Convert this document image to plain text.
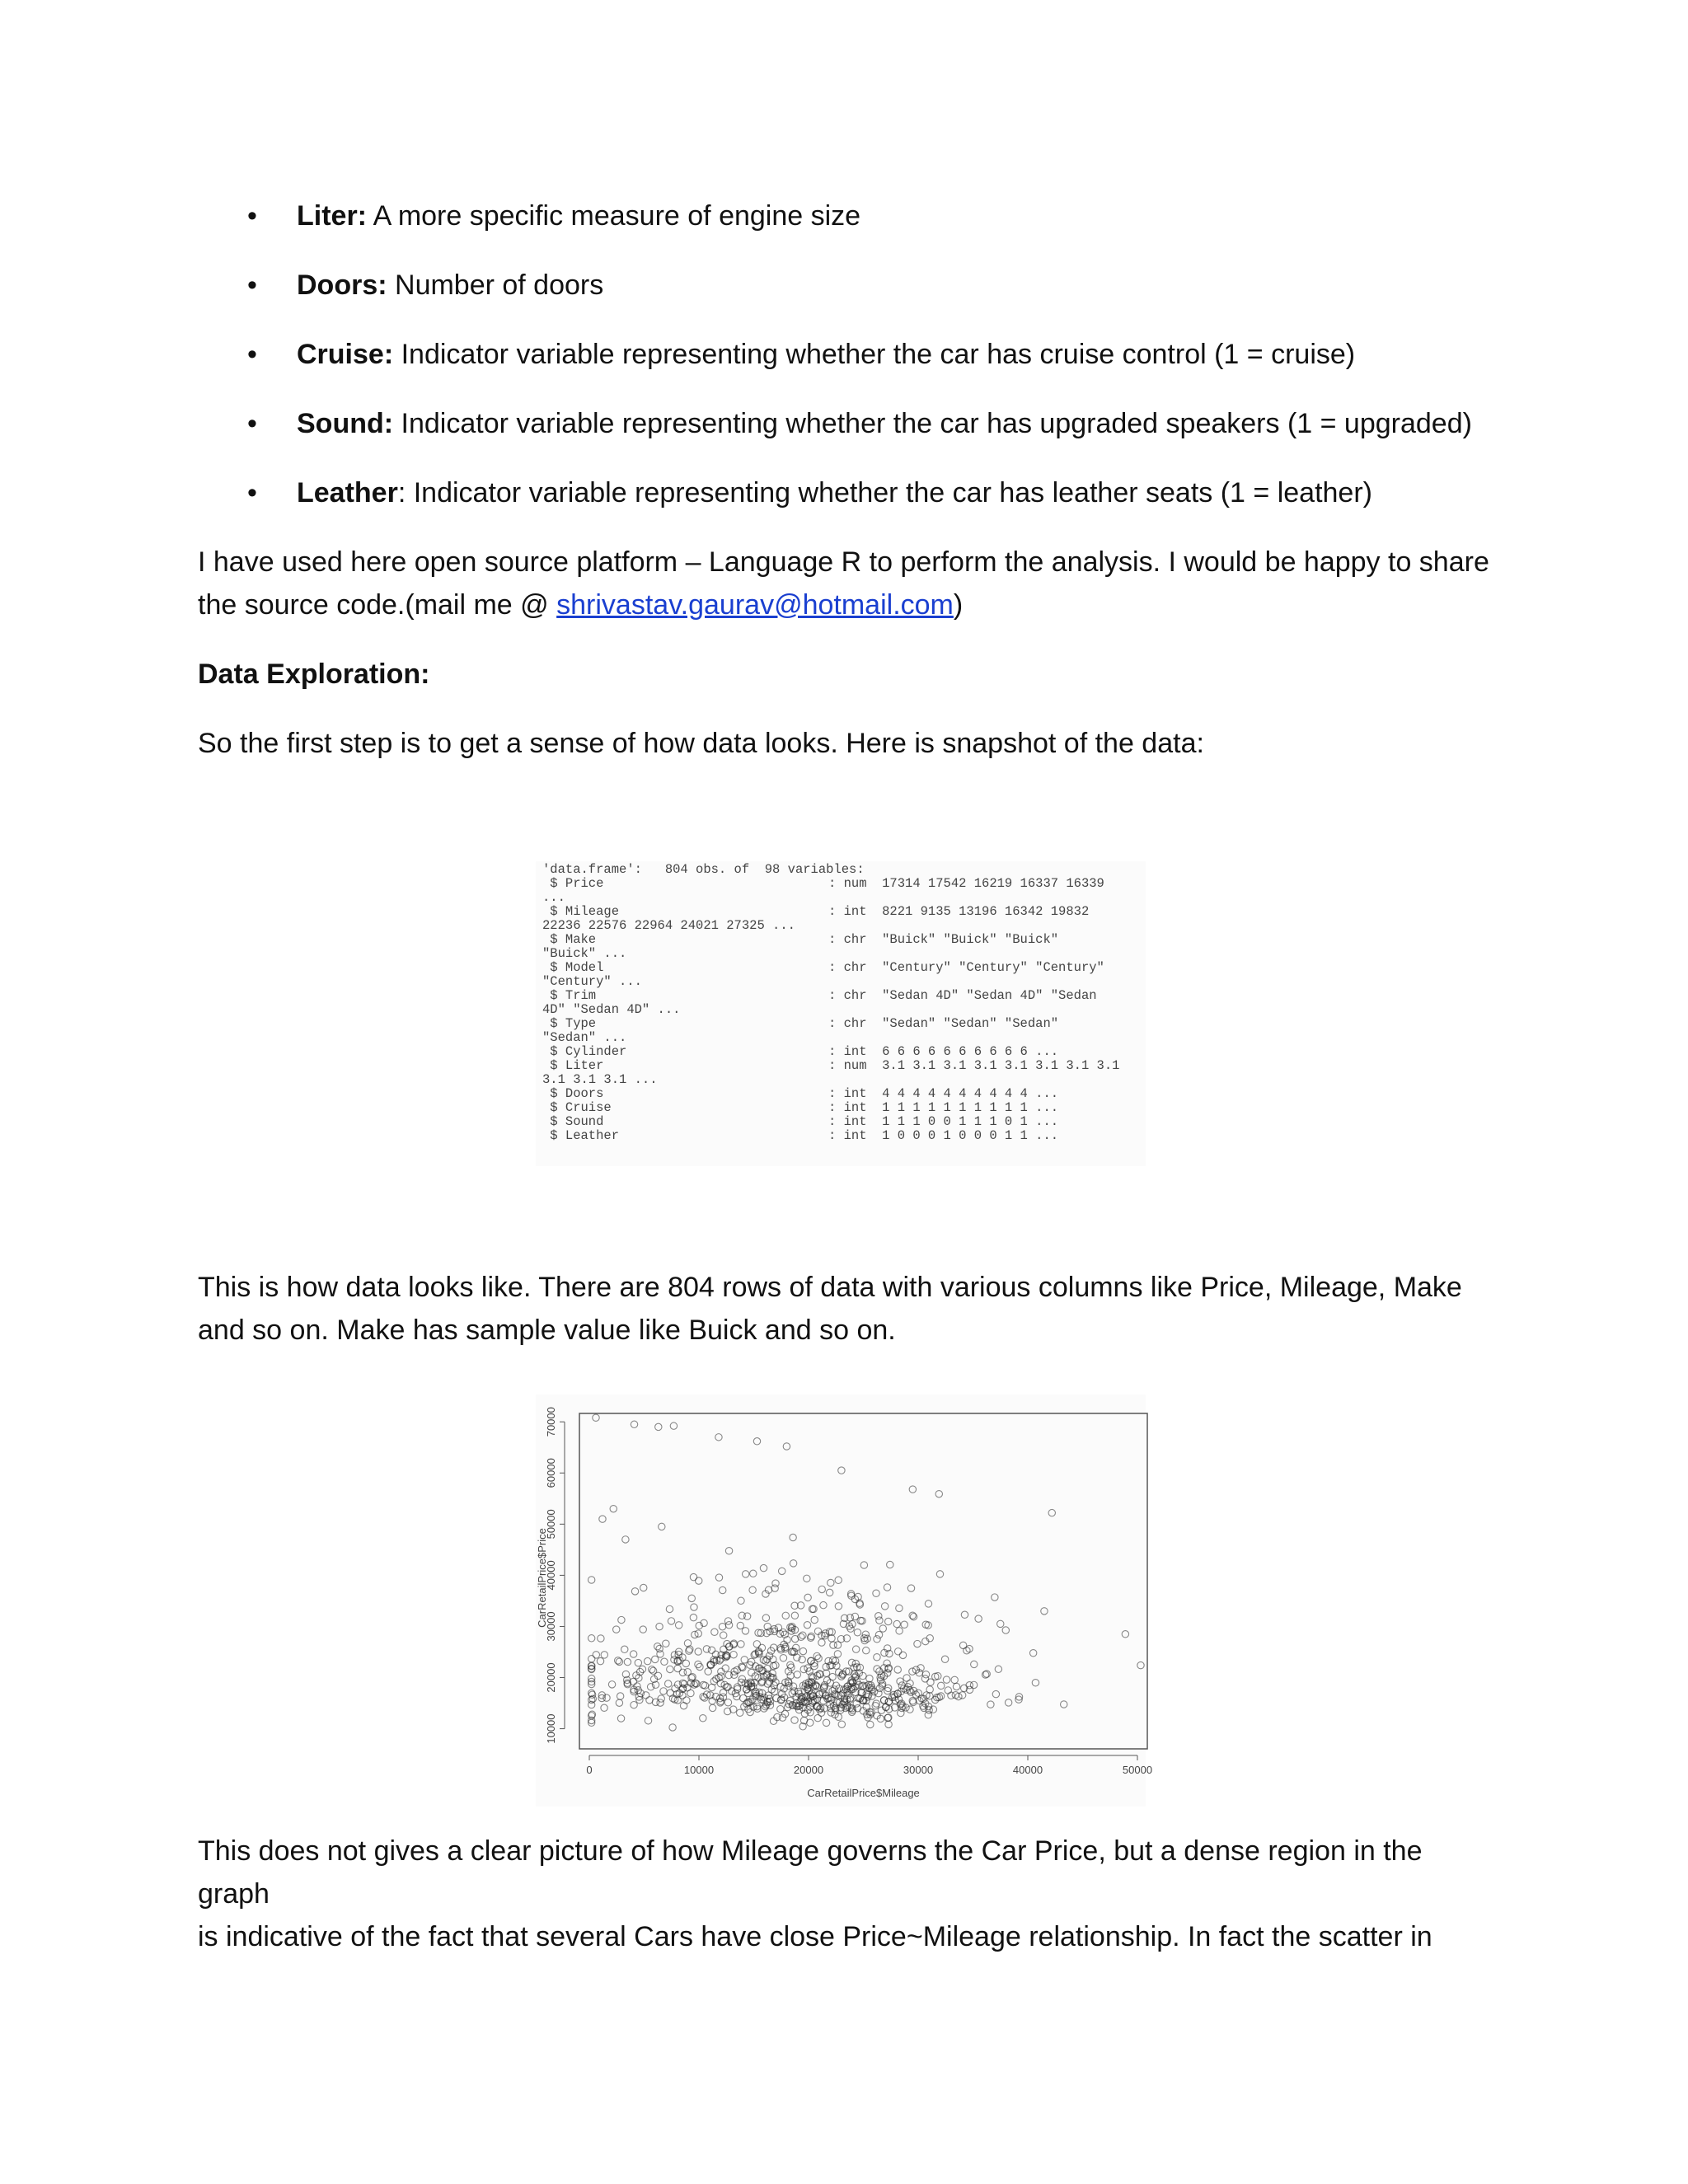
• Liter: A more specific measure of engine size
• Doors: Number of doors
• Cruise: Indicator variable representing whether the car has cruise control (1 = cruise)
• Sound: Indicator variable representing whether the car has upgraded speakers (1 = upgraded)
• Leather: Indicator variable representing whether the car has leather seats (1 = leather)
I have used here open source platform – Language R to perform the analysis. I would be happy to share
the source code.(mail me @ shrivastav.gaurav@hotmail.com)
Data Exploration:
So the first step is to get a sense of how data looks. Here is snapshot of the data:
'data.frame':   804 obs. of  98 variables:
$ Price	: num  17314 17542 16219 16337 16339
...
$ Mileage	: int  8221 9135 13196 16342 19832
22236 22576 22964 24021 27325 ...
$ Make	: chr  "Buick" "Buick" "Buick"
"Buick" ...
$ Model	: chr  "Century" "Century" "Century"
"Century" ...
$ Trim	: chr  "Sedan 4D" "Sedan 4D" "Sedan
4D" "Sedan 4D" ...
$ Type	: chr  "Sedan" "Sedan" "Sedan"
"Sedan" ...
$ Cylinder	: int  6 6 6 6 6 6 6 6 6 6 ...
$ Liter	: num  3.1 3.1 3.1 3.1 3.1 3.1 3.1 3.1
3.1 3.1 3.1 ...
$ Doors	: int  4 4 4 4 4 4 4 4 4 4 ...
$ Cruise	: int  1 1 1 1 1 1 1 1 1 1 ...
$ Sound	: int  1 1 1 0 0 1 1 1 0 1 ...
$ Leather	: int  1 0 0 0 1 0 0 0 1 1 ...
This is how data looks like. There are 804 rows of data with various columns like Price, Mileage, Make
and so on. Make has sample value like Buick and so on.
0	10000	20000	30000	40000	50000
CarRetailPrice$Mileage
10000
20000
30000
40000
50000
60000
70000
CarRetailPrice$Price
This does not gives a clear picture of how Mileage governs the Car Price, but a dense region in the graph
is indicative of the fact that several Cars have close Price~Mileage relationship. In fact the scatter in
